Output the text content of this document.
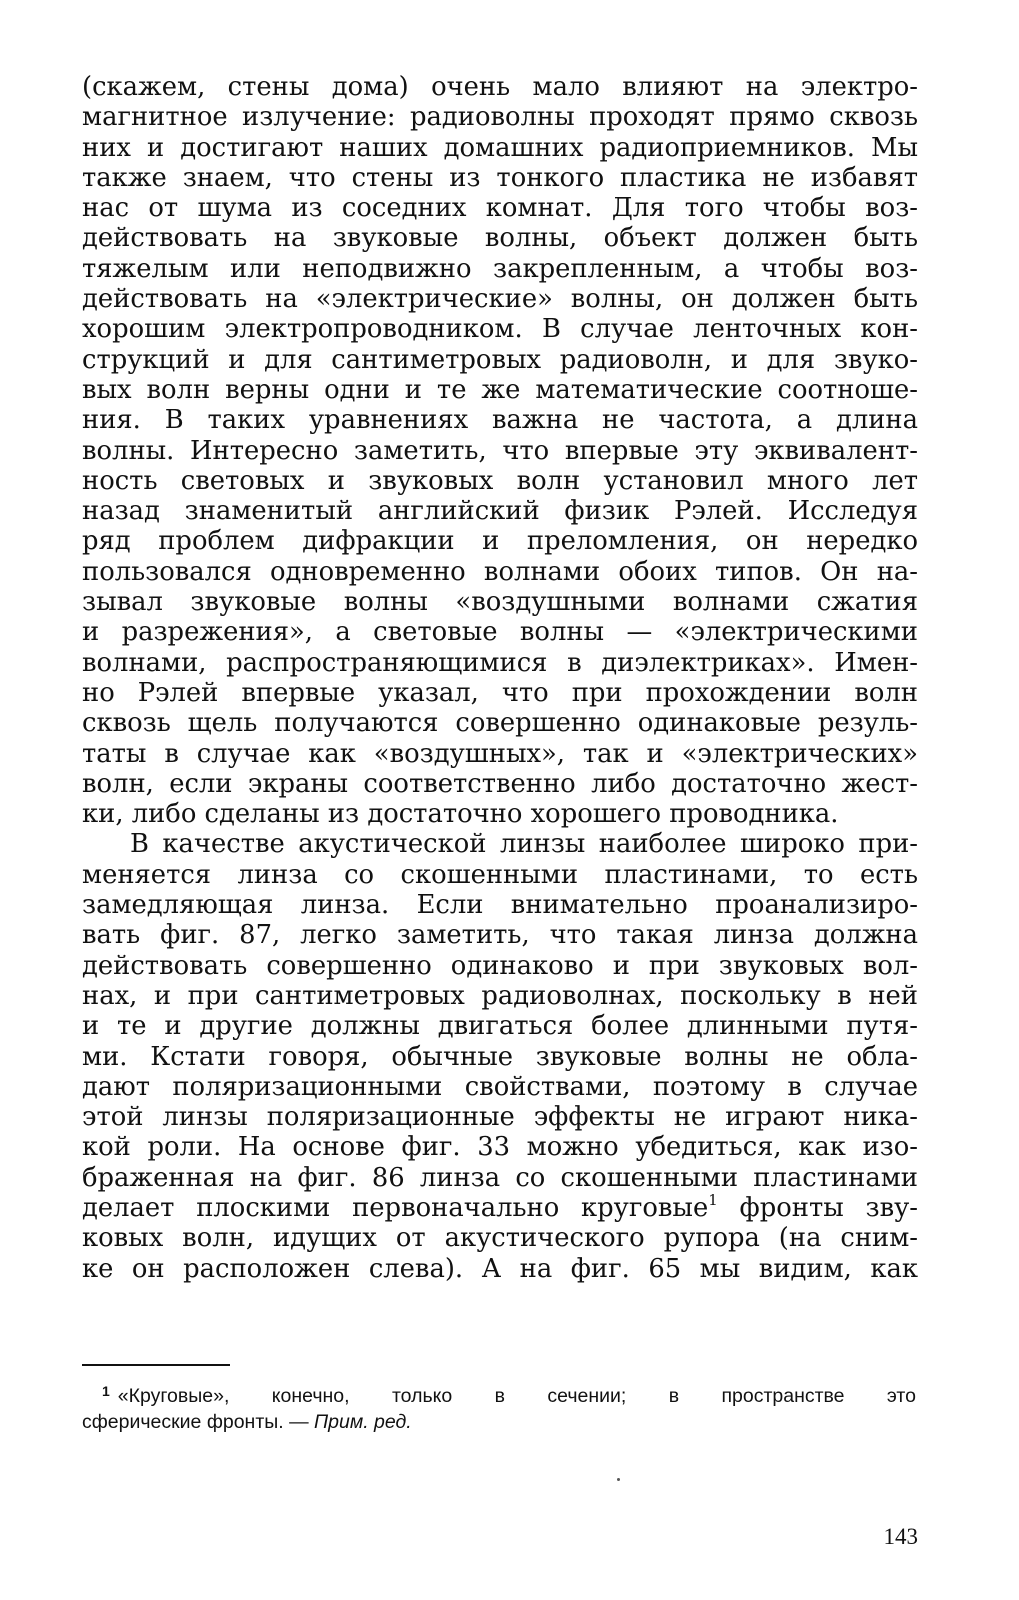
(скажем, стены дома) очень мало влияют на электро-
магнитное излучение: радиоволны проходят прямо сквозь
них и достигают наших домашних радиоприемников. Мы
также знаем, что стены из тонкого пластика не избавят
нас от шума из соседних комнат. Для того чтобы воз-
действовать на звуковые волны, объект должен быть
тяжелым или неподвижно закрепленным, а чтобы воз-
действовать на «электрические» волны, он должен быть
хорошим электропроводником. В случае ленточных кон-
струкций и для сантиметровых радиоволн, и для звуко-
вых волн верны одни и те же математические соотноше-
ния. В таких уравнениях важна не частота, а длина
волны. Интересно заметить, что впервые эту эквивалент-
ность световых и звуковых волн установил много лет
назад знаменитый английский физик Рэлей. Исследуя
ряд проблем дифракции и преломления, он нередко
пользовался одновременно волнами обоих типов. Он на-
зывал звуковые волны «воздушными волнами сжатия
и разрежения», а световые волны — «электрическими
волнами, распространяющимися в диэлектриках». Имен-
но Рэлей впервые указал, что при прохождении волн
сквозь щель получаются совершенно одинаковые резуль-
таты в случае как «воздушных», так и «электрических»
волн, если экраны соответственно либо достаточно жест-
ки, либо сделаны из достаточно хорошего проводника.
В качестве акустической линзы наиболее широко при-
меняется линза со скошенными пластинами, то есть
замедляющая линза. Если внимательно проанализиро-
вать фиг. 87, легко заметить, что такая линза должна
действовать совершенно одинаково и при звуковых вол-
нах, и при сантиметровых радиоволнах, поскольку в ней
и те и другие должны двигаться более длинными путя-
ми. Кстати говоря, обычные звуковые волны не обла-
дают поляризационными свойствами, поэтому в случае
этой линзы поляризационные эффекты не играют ника-
кой роли. На основе фиг. 33 можно убедиться, как изо-
браженная на фиг. 86 линза со скошенными пластинами
делает плоскими первоначально круговые$^1$ фронты зву-
ковых волн, идущих от акустического рупора (на сним-
ке он расположен слева). А на фиг. 65 мы видим, как
$^1$ «Круговые», конечно, только в сечении; в пространстве это
сферические фронты. — Прим. ред.
143
